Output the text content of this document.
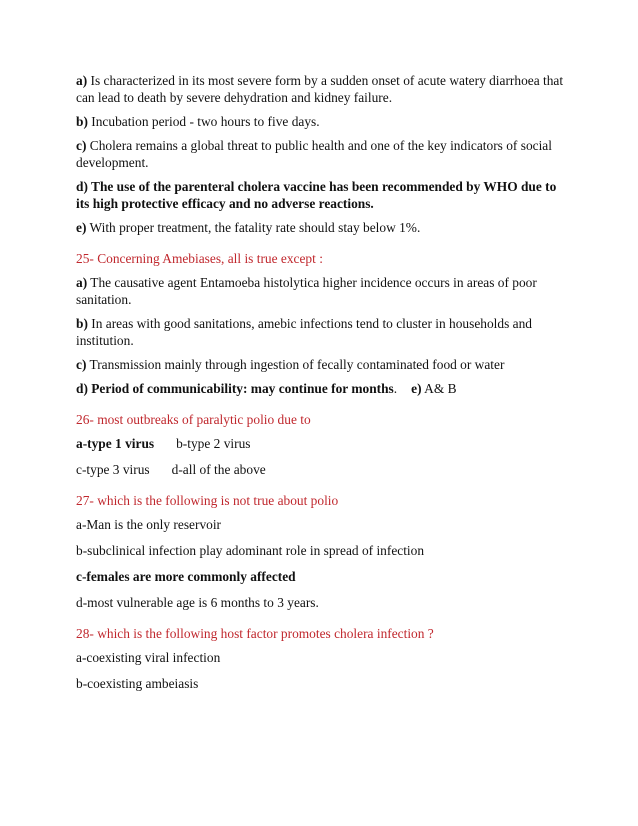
a) Is characterized in its most severe form by a sudden onset of acute watery diarrhoea that can lead to death by severe dehydration and kidney failure.

b) Incubation period - two hours to five days.

c) Cholera remains a global threat to public health and one of the key indicators of social development.

d) The use of the parenteral cholera vaccine has been recommended by WHO due to its high protective efficacy and no adverse reactions.

e) With proper treatment, the fatality rate should stay below 1%.

25- Concerning Amebiases, all is true except :

a) The causative agent Entamoeba histolytica higher incidence occurs in areas of poor sanitation.

b) In areas with good sanitations, amebic infections tend to cluster in households and institution.

c) Transmission mainly through ingestion of fecally contaminated food or water

d) Period of communicability: may continue for months. e) A& B

26- most outbreaks of paralytic polio due to

a-type 1 virus b-type 2 virus

c-type 3 virus d-all of the above

27- which is the following is not true about polio

a-Man is the only reservoir

b-subclinical infection play adominant role in spread of infection

c-females are more commonly affected

d-most vulnerable age is 6 months to 3 years.

28- which is the following host factor promotes cholera infection ?

a-coexisting viral infection

b-coexisting ambeiasis
